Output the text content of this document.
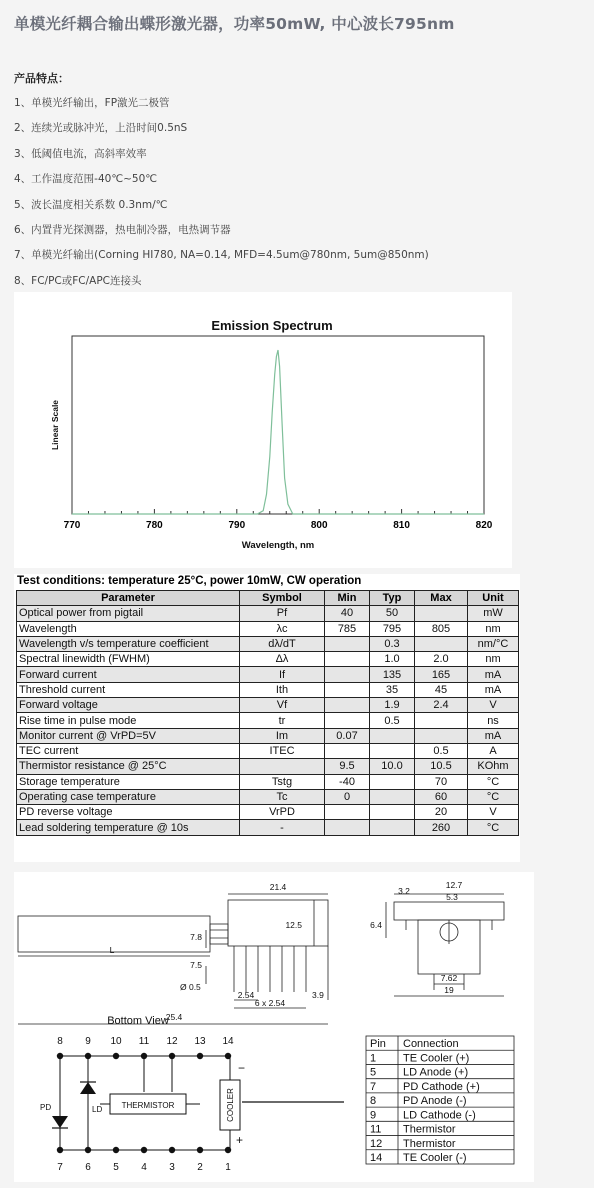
单模光纤耦合输出蝶形激光器，功率50mW, 中心波长795nm
产品特点：
1、单模光纤输出，FP激光二极管
2、连续光或脉冲光，上沿时间0.5nS
3、低阈值电流，高斜率效率
4、工作温度范围-40℃~50℃
5、波长温度相关系数 0.3nm/℃
6、内置背光探测器，热电制冷器，电热调节器
7、单模光纤输出(Corning HI780, NA=0.14, MFD=4.5um@780nm, 5um@850nm)
8、FC/PC或FC/APC连接头
Emission Spectrum
Linear Scale
Wavelength, nm
770	780	790	800	810	820
Test conditions: temperature 25°C, power 10mW, CW operation
Parameter	Symbol	Min	Typ	Max	Unit
Optical power from pigtail	Pf	40	50		mW
Wavelength	λc	785	795	805	nm
Wavelength v/s temperature coefficient	dλ/dT		0.3		nm/°C
Spectral linewidth (FWHM)	Δλ		1.0	2.0	nm
Forward current	If		135	165	mA
Threshold current	Ith		35	45	mA
Forward voltage	Vf		1.9	2.4	V
Rise time in pulse mode	tr		0.5		ns
Monitor current @ VrPD=5V	Im	0.07			mA
TEC current	ITEC			0.5	A
Thermistor resistance @ 25°C		9.5	10.0	10.5	KOhm
Storage temperature	Tstg	-40		70	°C
Operating case temperature	Tc	0		60	°C
PD reverse voltage	VrPD			20	V
Lead soldering temperature @ 10s	-			260	°C
21.4
12.5
7.8
7.5
L
Ø 0.5
2.54
6 x 2.54
3.9
25.4
12.7
3.2
5.3
6.4
7.62
19
Bottom View
8 9 10 11 12 13 14
7 6 5 4 3 2 1
PD	LD THERMISTOR	COOLER
−
+
Pin Connection
1 TE Cooler (+)
5 LD Anode (+)
7 PD Cathode (+)
8 PD Anode (-)
9 LD Cathode (-)
11 Thermistor
12 Thermistor
14 TE Cooler (-)
